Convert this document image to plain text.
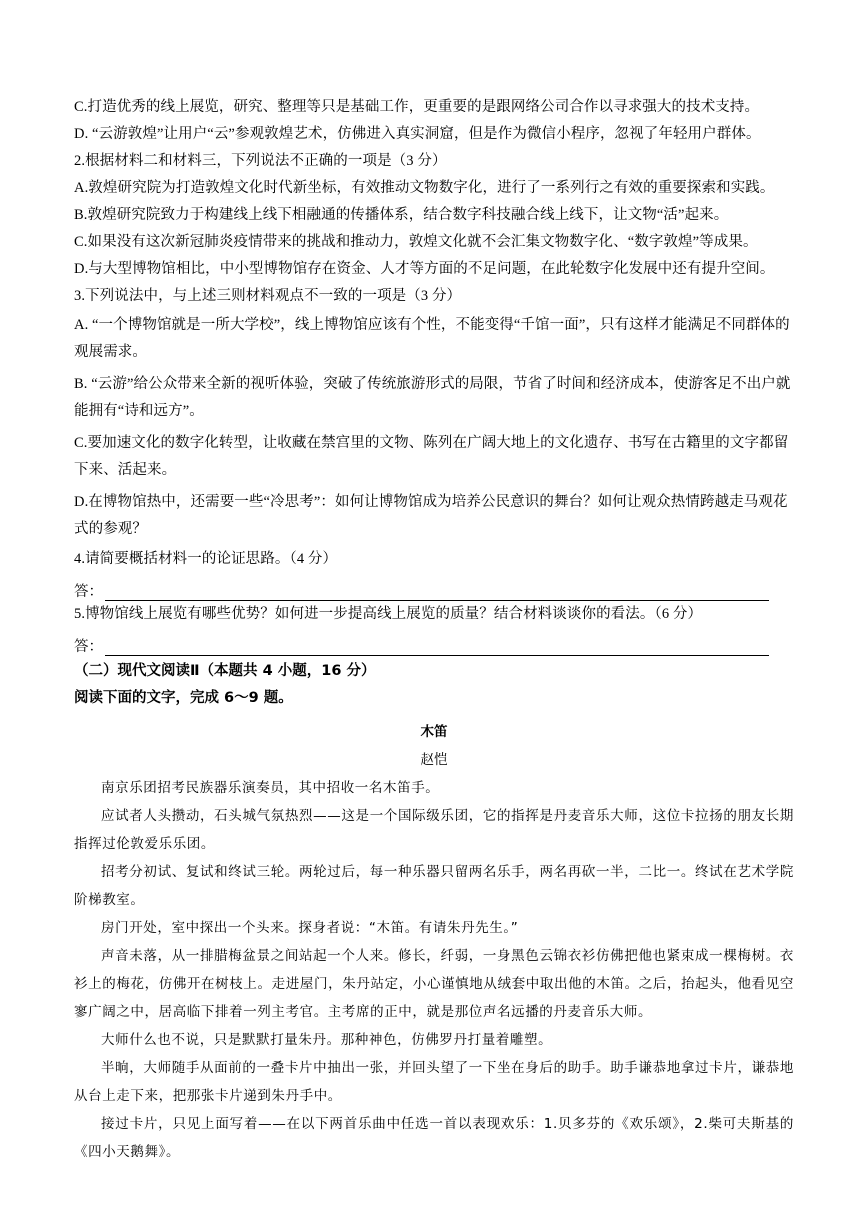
C.打造优秀的线上展览，研究、整理等只是基础工作，更重要的是跟网络公司合作以寻求强大的技术支持。
D. “云游敦煌”让用户“云”参观敦煌艺术，仿佛进入真实洞窟，但是作为微信小程序，忽视了年轻用户群体。
2.根据材料二和材料三，下列说法不正确的一项是（3 分）
A.敦煌研究院为打造敦煌文化时代新坐标，有效推动文物数字化，进行了一系列行之有效的重要探索和实践。
B.敦煌研究院致力于构建线上线下相融通的传播体系，结合数字科技融合线上线下，让文物“活”起来。
C.如果没有这次新冠肺炎疫情带来的挑战和推动力，敦煌文化就不会汇集文物数字化、“数字敦煌”等成果。
D.与大型博物馆相比，中小型博物馆存在资金、人才等方面的不足问题，在此轮数字化发展中还有提升空间。
3.下列说法中，与上述三则材料观点不一致的一项是（3 分）
A. “一个博物馆就是一所大学校”，线上博物馆应该有个性，不能变得“千馆一面”，只有这样才能满足不同群体的观展需求。
B. “云游”给公众带来全新的视听体验，突破了传统旅游形式的局限，节省了时间和经济成本，使游客足不出户就能拥有“诗和远方”。
C.要加速文化的数字化转型，让收藏在禁宫里的文物、陈列在广阔大地上的文化遗存、书写在古籍里的文字都留下来、活起来。
D.在博物馆热中，还需要一些“冷思考”：如何让博物馆成为培养公民意识的舞台？如何让观众热情跨越走马观花式的参观？
4.请简要概括材料一的论证思路。（4 分）
答：
5.博物馆线上展览有哪些优势？如何进一步提高线上展览的质量？结合材料谈谈你的看法。（6 分）
答：
（二）现代文阅读Ⅱ（本题共 4 小题，16 分）
阅读下面的文字，完成 6～9 题。
木笛
赵恺

南京乐团招考民族器乐演奏员，其中招收一名木笛手。

应试者人头攒动，石头城气氛热烈——这是一个国际级乐团，它的指挥是丹麦音乐大师，这位卡拉扬的朋友长期指挥过伦敦爱乐乐团。

招考分初试、复试和终试三轮。两轮过后，每一种乐器只留两名乐手，两名再砍一半，二比一。终试在艺术学院阶梯教室。

房门开处，室中探出一个头来。探身者说：“木笛。有请朱丹先生。”

声音未落，从一排腊梅盆景之间站起一个人来。修长，纤弱，一身黑色云锦衣衫仿佛把他也紧束成一棵梅树。衣衫上的梅花，仿佛开在树枝上。走进屋门，朱丹站定，小心谨慎地从绒套中取出他的木笛。之后，抬起头，他看见空寥广阔之中，居高临下排着一列主考官。主考席的正中，就是那位声名远播的丹麦音乐大师。

大师什么也不说，只是默默打量朱丹。那种神色，仿佛罗丹打量着雕塑。

半晌，大师随手从面前的一叠卡片中抽出一张，并回头望了一下坐在身后的助手。助手谦恭地拿过卡片，谦恭地从台上走下来，把那张卡片递到朱丹手中。

接过卡片，只见上面写着——在以下两首乐曲中任选一首以表现欢乐：1.贝多芬的《欢乐颂》，2.柴可夫斯基的《四小天鹅舞》。
